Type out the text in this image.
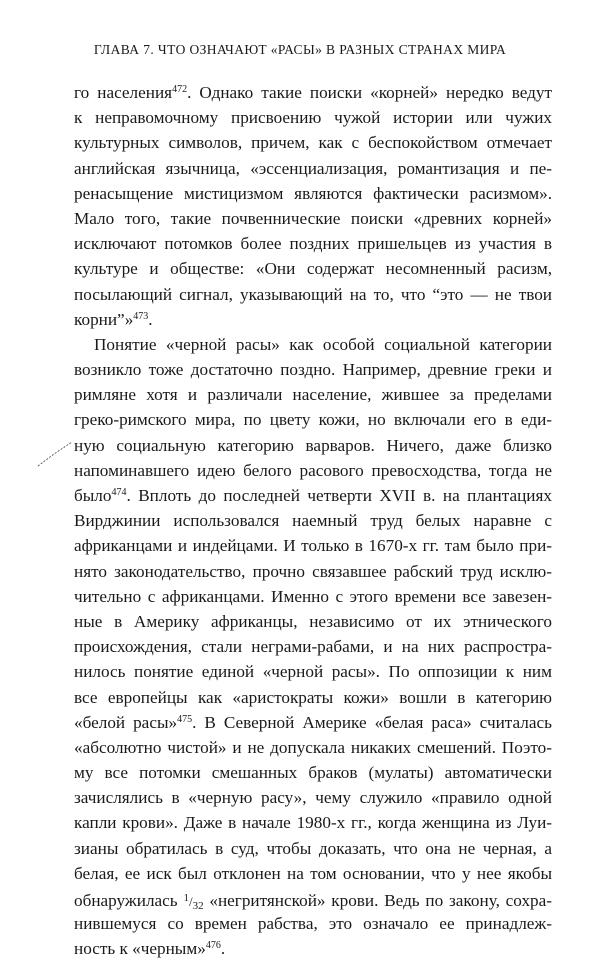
ГЛАВА 7. ЧТО ОЗНАЧАЮТ «РАСЫ» В РАЗНЫХ СТРАНАХ МИРА
го населения$^{472}$. Однако такие поиски «корней» нередко ведут
к неправомочному присвоению чужой истории или чужих
культурных символов, причем, как с беспокойством отмечает
английская язычница, «эссенциализация, романтизация и пе-
ренасыщение мистицизмом являются фактически расизмом».
Мало того, такие почвеннические поиски «древних корней»
исключают потомков более поздних пришельцев из участия в
культуре и обществе: «Они содержат несомненный расизм,
посылающий сигнал, указывающий на то, что “это — не твои
корни”»$^{473}$.
Понятие «черной расы» как особой социальной категории
возникло тоже достаточно поздно. Например, древние греки и
римляне хотя и различали население, жившее за пределами
греко-римского мира, по цвету кожи, но включали его в еди-
ную социальную категорию варваров. Ничего, даже близко
напоминавшего идею белого расового превосходства, тогда не
было$^{474}$. Вплоть до последней четверти XVII в. на плантациях
Вирджинии использовался наемный труд белых наравне с
африканцами и индейцами. И только в 1670-х гг. там было при-
нято законодательство, прочно связавшее рабский труд исклю-
чительно с африканцами. Именно с этого времени все завезен-
ные в Америку африканцы, независимо от их этнического
происхождения, стали неграми-рабами, и на них распростра-
нилось понятие единой «черной расы». По оппозиции к ним
все европейцы как «аристократы кожи» вошли в категорию
«белой расы»$^{475}$. В Северной Америке «белая раса» считалась
«абсолютно чистой» и не допускала никаких смешений. Поэто-
му все потомки смешанных браков (мулаты) автоматически
зачислялись в «черную расу», чему служило «правило одной
капли крови». Даже в начале 1980-х гг., когда женщина из Луи-
зианы обратилась в суд, чтобы доказать, что она не черная, а
белая, ее иск был отклонен на том основании, что у нее якобы
обнаружилась $^1/_{32}$ «негритянской» крови. Ведь по закону, сохра-
нившемуся со времен рабства, это означало ее принадлеж-
ность к «черным»$^{476}$.
